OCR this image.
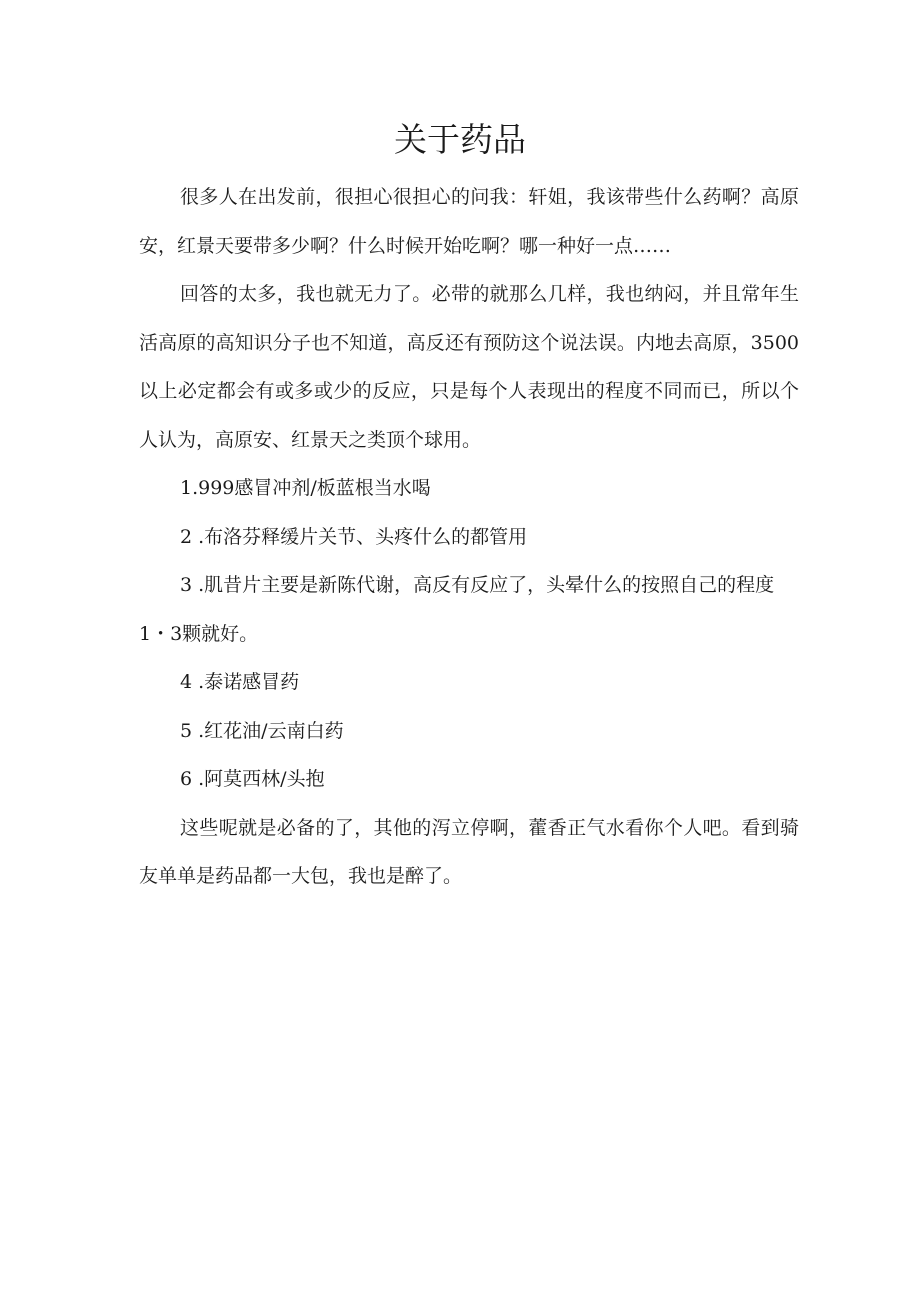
关于药品

很多人在出发前，很担心很担心的问我：轩姐，我该带些什么药啊？高原安，红景天要带多少啊？什么时候开始吃啊？哪一种好一点……

回答的太多，我也就无力了。必带的就那么几样，我也纳闷，并且常年生活高原的高知识分子也不知道，高反还有预防这个说法误。内地去高原，3500以上必定都会有或多或少的反应，只是每个人表现出的程度不同而已，所以个人认为，高原安、红景天之类顶个球用。

1.999感冒冲剂/板蓝根当水喝

2 .布洛芬释缓片关节、头疼什么的都管用

3 .肌昔片主要是新陈代谢，高反有反应了，头晕什么的按照自己的程度1・3颗就好。

4 .泰诺感冒药

5 .红花油/云南白药

6 .阿莫西林/头抱

这些呢就是必备的了，其他的泻立停啊，藿香正气水看你个人吧。看到骑友单单是药品都一大包，我也是醉了。
